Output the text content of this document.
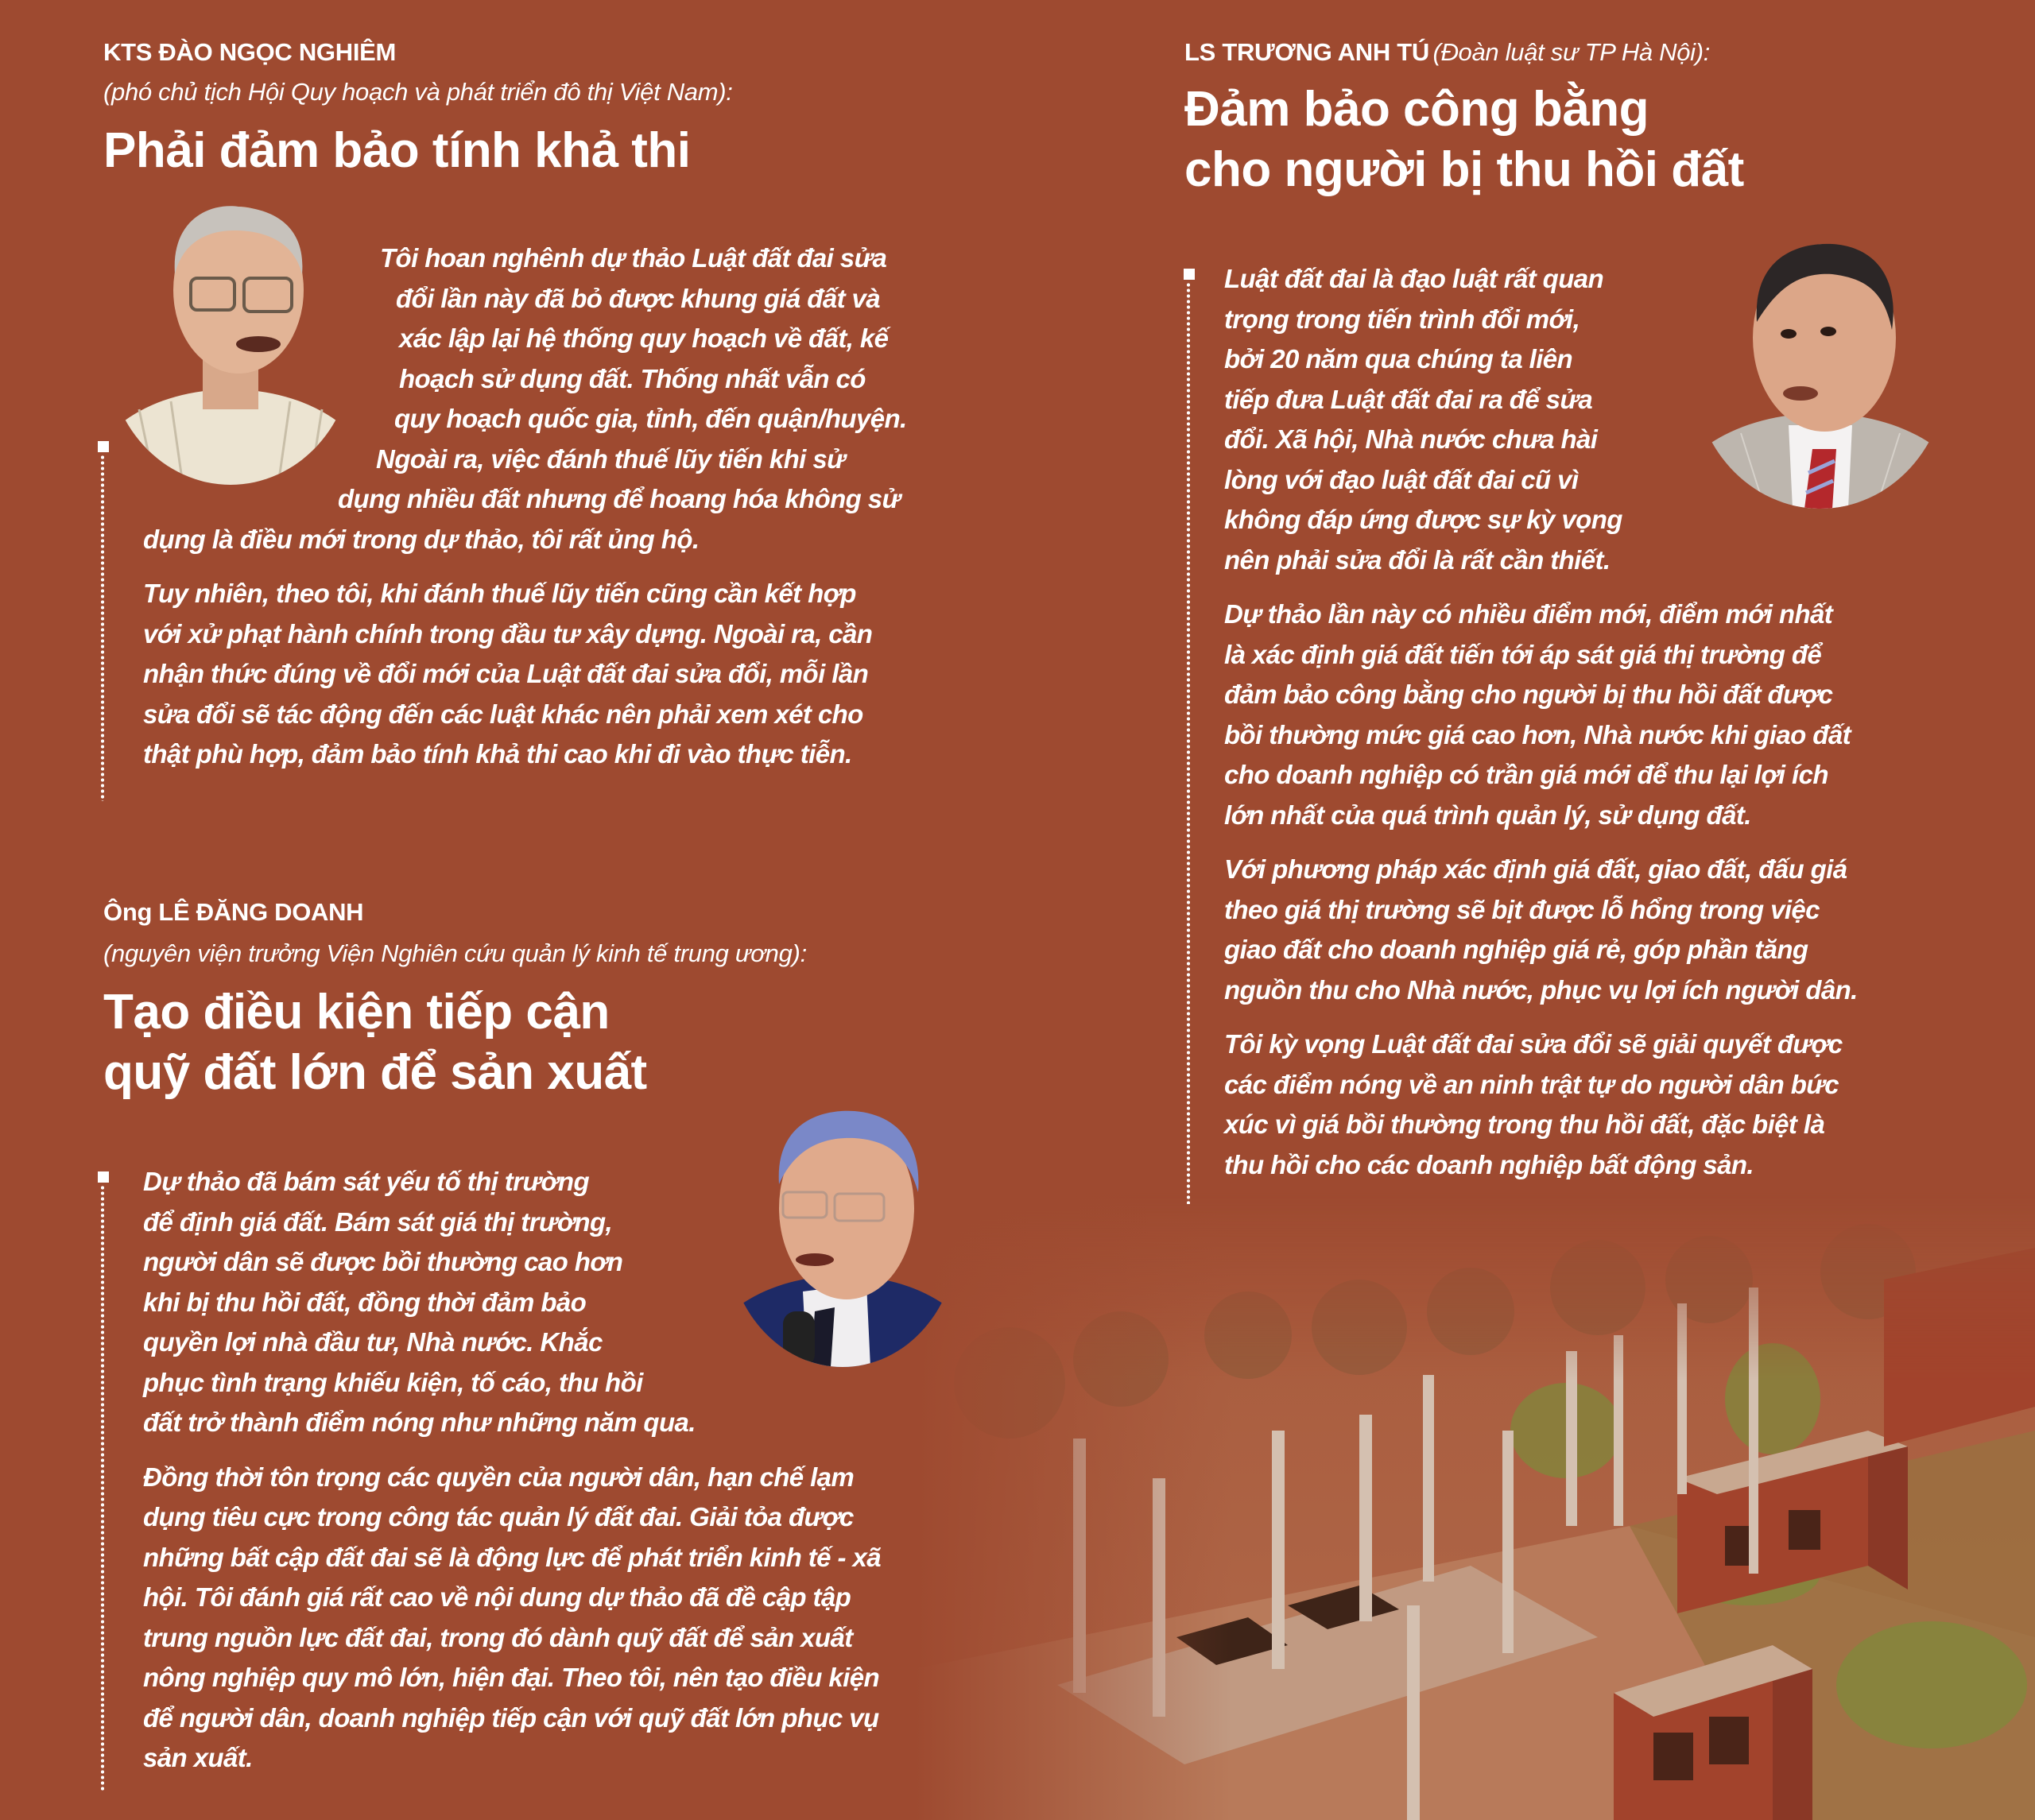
KTS ĐÀO NGỌC NGHIÊM
(phó chủ tịch Hội Quy hoạch và phát triển đô thị Việt Nam):
Phải đảm bảo tính khả thi

Tôi hoan nghênh dự thảo Luật đất đai sửa
đổi lần này đã bỏ được khung giá đất và
xác lập lại hệ thống quy hoạch về đất, kế
hoạch sử dụng đất. Thống nhất vẫn có
quy hoạch quốc gia, tỉnh, đến quận/huyện.
Ngoài ra, việc đánh thuế lũy tiến khi sử
dụng nhiều đất nhưng để hoang hóa không sử
dụng là điều mới trong dự thảo, tôi rất ủng hộ.

Tuy nhiên, theo tôi, khi đánh thuế lũy tiến cũng cần kết hợp
với xử phạt hành chính trong đầu tư xây dựng. Ngoài ra, cần
nhận thức đúng về đổi mới của Luật đất đai sửa đổi, mỗi lần
sửa đổi sẽ tác động đến các luật khác nên phải xem xét cho
thật phù hợp, đảm bảo tính khả thi cao khi đi vào thực tiễn.

LS TRƯƠNG ANH TÚ (Đoàn luật sư TP Hà Nội):
Đảm bảo công bằng
cho người bị thu hồi đất

Luật đất đai là đạo luật rất quan
trọng trong tiến trình đổi mới,
bởi 20 năm qua chúng ta liên
tiếp đưa Luật đất đai ra để sửa
đổi. Xã hội, Nhà nước chưa hài
lòng với đạo luật đất đai cũ vì
không đáp ứng được sự kỳ vọng
nên phải sửa đổi là rất cần thiết.

Dự thảo lần này có nhiều điểm mới, điểm mới nhất
là xác định giá đất tiến tới áp sát giá thị trường để
đảm bảo công bằng cho người bị thu hồi đất được
bồi thường mức giá cao hơn, Nhà nước khi giao đất
cho doanh nghiệp có trần giá mới để thu lại lợi ích
lớn nhất của quá trình quản lý, sử dụng đất.

Với phương pháp xác định giá đất, giao đất, đấu giá
theo giá thị trường sẽ bịt được lỗ hổng trong việc
giao đất cho doanh nghiệp giá rẻ, góp phần tăng
nguồn thu cho Nhà nước, phục vụ lợi ích người dân.

Tôi kỳ vọng Luật đất đai sửa đổi sẽ giải quyết được
các điểm nóng về an ninh trật tự do người dân bức
xúc vì giá bồi thường trong thu hồi đất, đặc biệt là
thu hồi cho các doanh nghiệp bất động sản.

Ông LÊ ĐĂNG DOANH
(nguyên viện trưởng Viện Nghiên cứu quản lý kinh tế trung ương):
Tạo điều kiện tiếp cận
quỹ đất lớn để sản xuất

Dự thảo đã bám sát yếu tố thị trường
để định giá đất. Bám sát giá thị trường,
người dân sẽ được bồi thường cao hơn
khi bị thu hồi đất, đồng thời đảm bảo
quyền lợi nhà đầu tư, Nhà nước. Khắc
phục tình trạng khiếu kiện, tố cáo, thu hồi
đất trở thành điểm nóng như những năm qua.

Đồng thời tôn trọng các quyền của người dân, hạn chế lạm
dụng tiêu cực trong công tác quản lý đất đai. Giải tỏa được
những bất cập đất đai sẽ là động lực để phát triển kinh tế - xã
hội. Tôi đánh giá rất cao về nội dung dự thảo đã đề cập tập
trung nguồn lực đất đai, trong đó dành quỹ đất để sản xuất
nông nghiệp quy mô lớn, hiện đại. Theo tôi, nên tạo điều kiện
để người dân, doanh nghiệp tiếp cận với quỹ đất lớn phục vụ
sản xuất.
